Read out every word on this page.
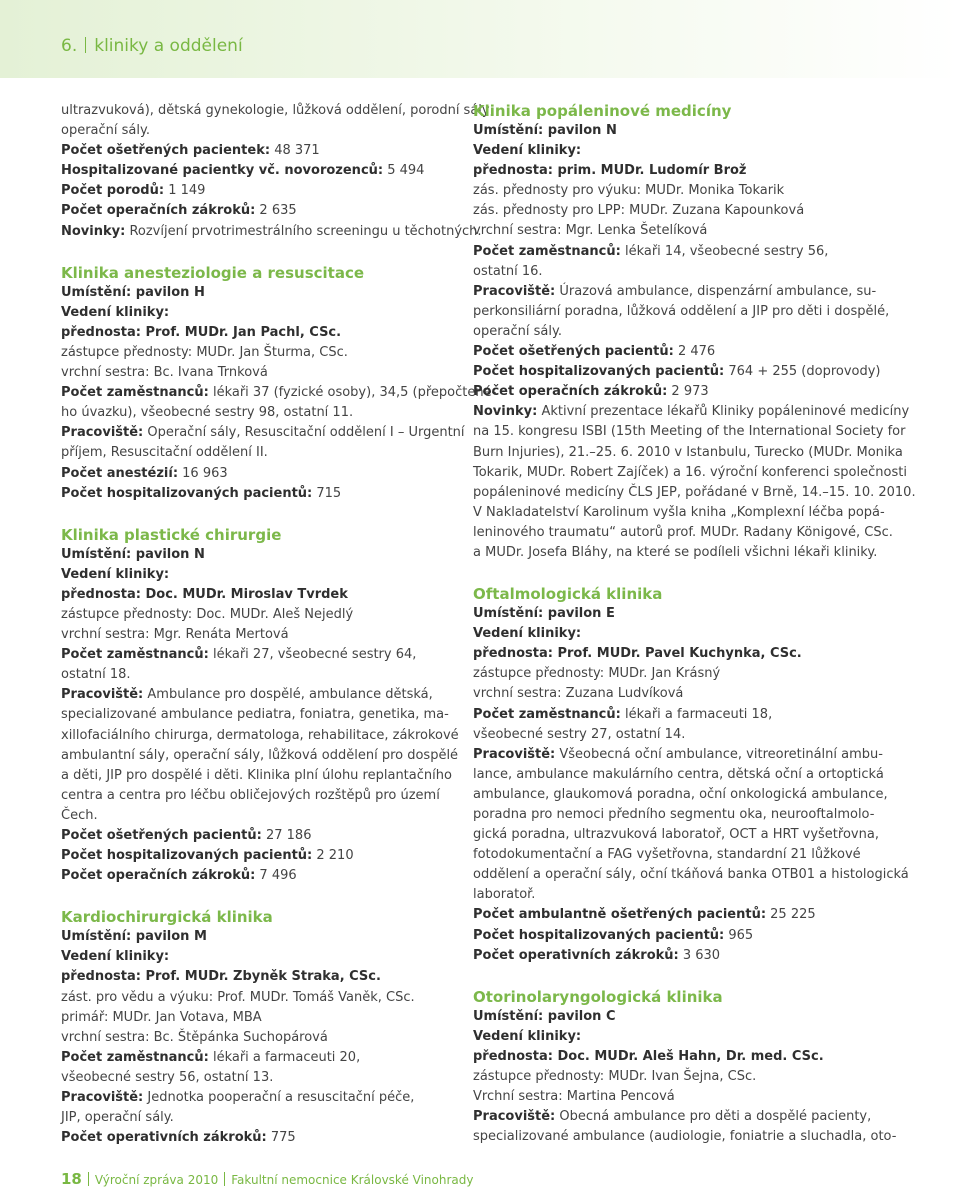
6. kliniky a oddělení
ultrazvuková), dětská gynekologie, lůžková oddělení, porodní sály,
operační sály.
Počet ošetřených pacientek: 48 371
Hospitalizované pacientky vč. novorozenců: 5 494
Počet porodů: 1 149
Počet operačních zákroků: 2 635
Novinky: Rozvíjení prvotrimestrálního screeningu u těchotných.
Klinika anesteziologie a resuscitace
Umístění: pavilon H
Vedení kliniky:
přednosta: Prof. MUDr. Jan Pachl, CSc.
zástupce přednosty: MUDr. Jan Šturma, CSc.
vrchní sestra: Bc. Ivana Trnková
Počet zaměstnanců: lékaři 37 (fyzické osoby), 34,5 (přepočtené-
ho úvazku), všeobecné sestry 98, ostatní 11.
Pracoviště: Operační sály, Resuscitační oddělení I – Urgentní
příjem, Resuscitační oddělení II.
Počet anestézií: 16 963
Počet hospitalizovaných pacientů: 715
Klinika plastické chirurgie
Umístění: pavilon N
Vedení kliniky:
přednosta: Doc. MUDr. Miroslav Tvrdek
zástupce přednosty: Doc. MUDr. Aleš Nejedlý
vrchní sestra: Mgr. Renáta Mertová
Počet zaměstnanců: lékaři 27, všeobecné sestry 64,
ostatní 18.
Pracoviště: Ambulance pro dospělé, ambulance dětská,
specializované ambulance pediatra, foniatra, genetika, ma-
xillofaciálního chirurga, dermatologa, rehabilitace, zákrokové
ambulantní sály, operační sály, lůžková oddělení pro dospělé
a děti, JIP pro dospělé i děti. Klinika plní úlohu replantačního
centra a centra pro léčbu obličejových rozštěpů pro území
Čech.
Počet ošetřených pacientů: 27 186
Počet hospitalizovaných pacientů: 2 210
Počet operačních zákroků: 7 496
Kardiochirurgická klinika
Umístění: pavilon M
Vedení kliniky:
přednosta: Prof. MUDr. Zbyněk Straka, CSc.
zást. pro vědu a výuku: Prof. MUDr. Tomáš Vaněk, CSc.
primář: MUDr. Jan Votava, MBA
vrchní sestra: Bc. Štěpánka Suchopárová
Počet zaměstnanců: lékaři a farmaceuti 20,
všeobecné sestry 56, ostatní 13.
Pracoviště: Jednotka pooperační a resuscitační péče,
JIP, operační sály.
Počet operativních zákroků: 775
Klinika popáleninové medicíny
Umístění: pavilon N
Vedení kliniky:
přednosta: prim. MUDr. Ludomír Brož
zás. přednosty pro výuku: MUDr. Monika Tokarik
zás. přednosty pro LPP: MUDr. Zuzana Kapounková
vrchní sestra: Mgr. Lenka Šetelíková
Počet zaměstnanců: lékaři 14, všeobecné sestry 56,
ostatní 16.
Pracoviště: Úrazová ambulance, dispenzární ambulance, su-
perkonsiliární poradna, lůžková oddělení a JIP pro děti i dospělé,
operační sály.
Počet ošetřených pacientů: 2 476
Počet hospitalizovaných pacientů: 764 + 255 (doprovody)
Počet operačních zákroků: 2 973
Novinky: Aktivní prezentace lékařů Kliniky popáleninové medicíny
na 15. kongresu ISBI (15th Meeting of the International Society for
Burn Injuries), 21.–25. 6. 2010 v Istanbulu, Turecko (MUDr. Monika
Tokarik, MUDr. Robert Zajíček) a 16. výroční konferenci společnosti
popáleninové medicíny ČLS JEP, pořádané v Brně, 14.–15. 10. 2010.
V Nakladatelství Karolinum vyšla kniha „Komplexní léčba popá-
leninového traumatu“ autorů prof. MUDr. Radany Königové, CSc.
a MUDr. Josefa Bláhy, na které se podíleli všichni lékaři kliniky.
Oftalmologická klinika
Umístění: pavilon E
Vedení kliniky:
přednosta: Prof. MUDr. Pavel Kuchynka, CSc.
zástupce přednosty: MUDr. Jan Krásný
vrchní sestra: Zuzana Ludvíková
Počet zaměstnanců: lékaři a farmaceuti 18,
všeobecné sestry 27, ostatní 14.
Pracoviště: Všeobecná oční ambulance, vitreoretinální ambu-
lance, ambulance makulárního centra, dětská oční a ortoptická
ambulance, glaukomová poradna, oční onkologická ambulance,
poradna pro nemoci předního segmentu oka, neurooftalmolo-
gická poradna, ultrazvuková laboratoř, OCT a HRT vyšetřovna,
fotodokumentační a FAG vyšetřovna, standardní 21 lůžkové
oddělení a operační sály, oční tkáňová banka OTB01 a histologická
laboratoř.
Počet ambulantně ošetřených pacientů: 25 225
Počet hospitalizovaných pacientů: 965
Počet operativních zákroků: 3 630
Otorinolaryngologická klinika
Umístění: pavilon C
Vedení kliniky:
přednosta: Doc. MUDr. Aleš Hahn, Dr. med. CSc.
zástupce přednosty: MUDr. Ivan Šejna, CSc.
Vrchní sestra: Martina Pencová
Pracoviště: Obecná ambulance pro děti a dospělé pacienty,
specializované ambulance (audiologie, foniatrie a sluchadla, oto-
18 Výroční zpráva 2010 Fakultní nemocnice Královské Vinohrady
